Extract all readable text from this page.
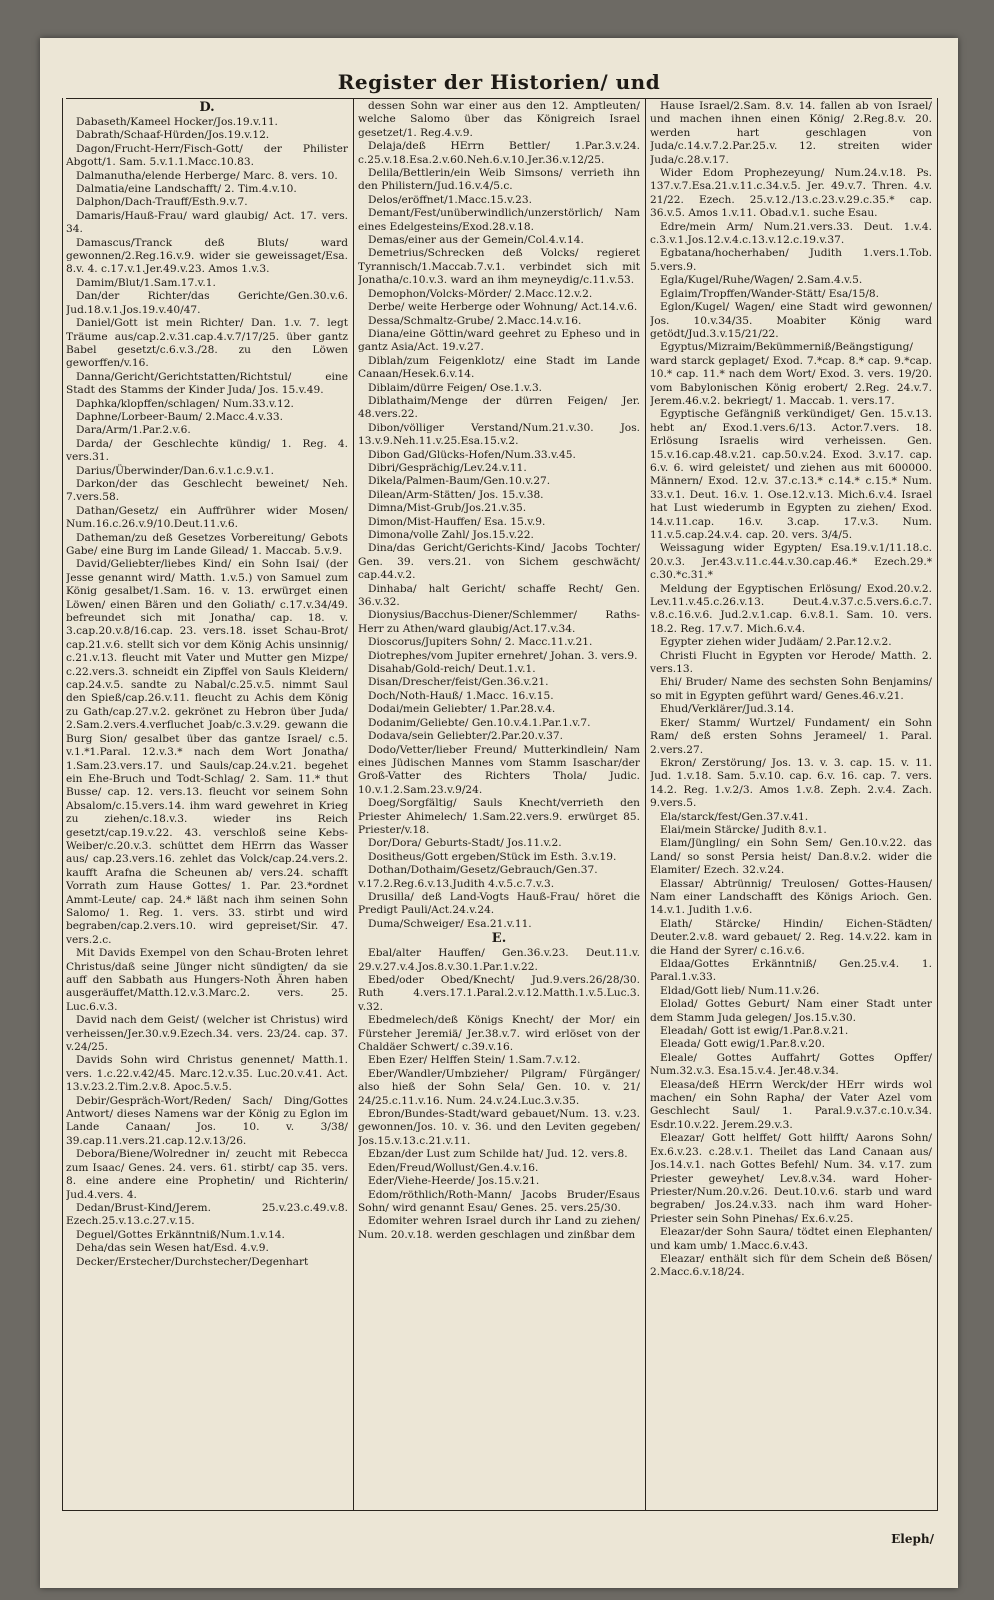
Register der Historien/ und

D.

Dabaseth/Kameel Hocker/Jos.19.v.11.

Dabrath/Schaaf-Hürden/Jos.19.v.12.

Dagon/Frucht-Herr/Fisch-Gott/ der Philister Abgott/1. Sam. 5.v.1.1.Macc.10.83.

Dalmanutha/elende Herberge/ Marc. 8. vers. 10.

Dalmatia/eine Landschafft/ 2. Tim.4.v.10.

Dalphon/Dach-Trauff/Esth.9.v.7.

Damaris/Hauß-Frau/ ward glaubig/ Act. 17. vers. 34.

Damascus/Tranck deß Bluts/ ward gewonnen/2.Reg.16.v.9. wider sie geweissaget/Esa. 8.v. 4. c.17.v.1.Jer.49.v.23. Amos 1.v.3.

Damim/Blut/1.Sam.17.v.1.

Dan/der Richter/das Gerichte/Gen.30.v.6. Jud.18.v.1.Jos.19.v.40/47.

Daniel/Gott ist mein Richter/ Dan. 1.v. 7. legt Träume aus/cap.2.v.31.cap.4.v.7/17/25. über gantz Babel gesetzt/c.6.v.3./28. zu den Löwen geworffen/v.16.

Danna/Gericht/Gerichtstatten/Richtstul/ eine Stadt des Stamms der Kinder Juda/ Jos. 15.v.49.

Daphka/klopffen/schlagen/ Num.33.v.12.

Daphne/Lorbeer-Baum/ 2.Macc.4.v.33.

Dara/Arm/1.Par.2.v.6.

Darda/ der Geschlechte kündig/ 1. Reg. 4. vers.31.

Darius/Überwinder/Dan.6.v.1.c.9.v.1.

Darkon/der das Geschlecht beweinet/ Neh. 7.vers.58.

Dathan/Gesetz/ ein Auffrührer wider Mosen/ Num.16.c.26.v.9/10.Deut.11.v.6.

Datheman/zu deß Gesetzes Vorbereitung/ Gebots Gabe/ eine Burg im Lande Gilead/ 1. Maccab. 5.v.9.

David/Geliebter/liebes Kind/ ein Sohn Isai/ (der Jesse genannt wird/ Matth. 1.v.5.) von Samuel zum König gesalbet/1.Sam. 16. v. 13. erwürget einen Löwen/ einen Bären und den Goliath/ c.17.v.34/49. befreundet sich mit Jonatha/ cap. 18. v. 3.cap.20.v.8/16.cap. 23. vers.18. isset Schau-Brot/ cap.21.v.6. stellt sich vor dem König Achis unsinnig/ c.21.v.13. fleucht mit Vater und Mutter gen Mizpe/ c.22.vers.3. schneidt ein Zipffel von Sauls Kleidern/ cap.24.v.5. sandte zu Nabal/c.25.v.5. nimmt Saul den Spieß/cap.26.v.11. fleucht zu Achis dem König zu Gath/cap.27.v.2. gekrönet zu Hebron über Juda/ 2.Sam.2.vers.4.verfluchet Joab/c.3.v.29. gewann die Burg Sion/ gesalbet über das gantze Israel/ c.5. v.1.*1.Paral. 12.v.3.* nach dem Wort Jonatha/ 1.Sam.23.vers.17. und Sauls/cap.24.v.21. begehet ein Ehe-Bruch und Todt-Schlag/ 2. Sam. 11.* thut Busse/ cap. 12. vers.13. fleucht vor seinem Sohn Absalom/c.15.vers.14. ihm ward gewehret in Krieg zu ziehen/c.18.v.3. wieder ins Reich gesetzt/cap.19.v.22. 43. verschloß seine Kebs-Weiber/c.20.v.3. schüttet dem HErrn das Wasser aus/ cap.23.vers.16. zehlet das Volck/cap.24.vers.2. kaufft Arafna die Scheunen ab/ vers.24. schafft Vorrath zum Hause Gottes/ 1. Par. 23.*ordnet Ammt-Leute/ cap. 24.* läßt nach ihm seinen Sohn Salomo/ 1. Reg. 1. vers. 33. stirbt und wird begraben/cap.2.vers.10. wird gepreiset/Sir. 47. vers.2.c.

Mit Davids Exempel von den Schau-Broten lehret Christus/daß seine Jünger nicht sündigten/ da sie auff den Sabbath aus Hungers-Noth Ähren haben ausgeräuffet/Matth.12.v.3.Marc.2. vers. 25. Luc.6.v.3.

David nach dem Geist/ (welcher ist Christus) wird verheissen/Jer.30.v.9.Ezech.34. vers. 23/24. cap. 37. v.24/25.

Davids Sohn wird Christus genennet/ Matth.1. vers. 1.c.22.v.42/45. Marc.12.v.35. Luc.20.v.41. Act. 13.v.23.2.Tim.2.v.8. Apoc.5.v.5.

Debir/Gespräch-Wort/Reden/ Sach/ Ding/Gottes Antwort/ dieses Namens war der König zu Eglon im Lande Canaan/ Jos. 10. v. 3/38/ 39.cap.11.vers.21.cap.12.v.13/26.

Debora/Biene/Wolredner in/ zeucht mit Rebecca zum Isaac/ Genes. 24. vers. 61. stirbt/ cap 35. vers. 8. eine andere eine Prophetin/ und Richterin/ Jud.4.vers. 4.

Dedan/Brust-Kind/Jerem. 25.v.23.c.49.v.8. Ezech.25.v.13.c.27.v.15.

Deguel/Gottes Erkänntniß/Num.1.v.14.

Deha/das sein Wesen hat/Esd. 4.v.9.

Decker/Erstecher/Durchstecher/Degenhart

dessen Sohn war einer aus den 12. Amptleuten/ welche Salomo über das Königreich Israel gesetzet/1. Reg.4.v.9.

Delaja/deß HErrn Bettler/ 1.Par.3.v.24. c.25.v.18.Esa.2.v.60.Neh.6.v.10.Jer.36.v.12/25.

Delila/Bettlerin/ein Weib Simsons/ verrieth ihn den Philistern/Jud.16.v.4/5.c.

Delos/eröffnet/1.Macc.15.v.23.

Demant/Fest/unüberwindlich/unzerstörlich/ Nam eines Edelgesteins/Exod.28.v.18.

Demas/einer aus der Gemein/Col.4.v.14.

Demetrius/Schrecken deß Volcks/ regieret Tyrannisch/1.Maccab.7.v.1. verbindet sich mit Jonatha/c.10.v.3. ward an ihm meyneydig/c.11.v.53.

Demophon/Volcks-Mörder/ 2.Macc.12.v.2.

Derbe/ weite Herberge oder Wohnung/ Act.14.v.6.

Dessa/Schmaltz-Grube/ 2.Macc.14.v.16.

Diana/eine Göttin/ward geehret zu Epheso und in gantz Asia/Act. 19.v.27.

Diblah/zum Feigenklotz/ eine Stadt im Lande Canaan/Hesek.6.v.14.

Diblaim/dürre Feigen/ Ose.1.v.3.

Diblathaim/Menge der dürren Feigen/ Jer. 48.vers.22.

Dibon/völliger Verstand/Num.21.v.30. Jos. 13.v.9.Neh.11.v.25.Esa.15.v.2.

Dibon Gad/Glücks-Hofen/Num.33.v.45.

Dibri/Gesprächig/Lev.24.v.11.

Dikela/Palmen-Baum/Gen.10.v.27.

Dilean/Arm-Stätten/ Jos. 15.v.38.

Dimna/Mist-Grub/Jos.21.v.35.

Dimon/Mist-Hauffen/ Esa. 15.v.9.

Dimona/volle Zahl/ Jos.15.v.22.

Dina/das Gericht/Gerichts-Kind/ Jacobs Tochter/ Gen. 39. vers.21. von Sichem geschwächt/ cap.44.v.2.

Dinhaba/ halt Gericht/ schaffe Recht/ Gen. 36.v.32.

Dionysius/Bacchus-Diener/Schlemmer/ Raths-Herr zu Athen/ward glaubig/Act.17.v.34.

Dioscorus/Jupiters Sohn/ 2. Macc.11.v.21.

Diotrephes/vom Jupiter ernehret/ Johan. 3. vers.9.

Disahab/Gold-reich/ Deut.1.v.1.

Disan/Drescher/feist/Gen.36.v.21.

Doch/Noth-Hauß/ 1.Macc. 16.v.15.

Dodai/mein Geliebter/ 1.Par.28.v.4.

Dodanim/Geliebte/ Gen.10.v.4.1.Par.1.v.7.

Dodava/sein Geliebter/2.Par.20.v.37.

Dodo/Vetter/lieber Freund/ Mutterkindlein/ Nam eines Jüdischen Mannes vom Stamm Isaschar/der Groß-Vatter des Richters Thola/ Judic. 10.v.1.2.Sam.23.v.9/24.

Doeg/Sorgfältig/ Sauls Knecht/verrieth den Priester Ahimelech/ 1.Sam.22.vers.9. erwürget 85. Priester/v.18.

Dor/Dora/ Geburts-Stadt/ Jos.11.v.2.

Dositheus/Gott ergeben/Stück im Esth. 3.v.19.

Dothan/Dothaim/Gesetz/Gebrauch/Gen.37. v.17.2.Reg.6.v.13.Judith 4.v.5.c.7.v.3.

Drusilla/ deß Land-Vogts Hauß-Frau/ höret die Predigt Pauli/Act.24.v.24.

Duma/Schweiger/ Esa.21.v.11.

E.

Ebal/alter Hauffen/ Gen.36.v.23. Deut.11.v. 29.v.27.v.4.Jos.8.v.30.1.Par.1.v.22.

Ebed/oder Obed/Knecht/ Jud.9.vers.26/28/30. Ruth 4.vers.17.1.Paral.2.v.12.Matth.1.v.5.Luc.3. v.32.

Ebedmelech/deß Königs Knecht/ der Mor/ ein Fürsteher Jeremiä/ Jer.38.v.7. wird erlöset von der Chaldäer Schwert/ c.39.v.16.

Eben Ezer/ Helffen Stein/ 1.Sam.7.v.12.

Eber/Wandler/Umbzieher/ Pilgram/ Fürgänger/ also hieß der Sohn Sela/ Gen. 10. v. 21/ 24/25.c.11.v.16. Num. 24.v.24.Luc.3.v.35.

Ebron/Bundes-Stadt/ward gebauet/Num. 13. v.23. gewonnen/Jos. 10. v. 36. und den Leviten gegeben/ Jos.15.v.13.c.21.v.11.

Ebzan/der Lust zum Schilde hat/ Jud. 12. vers.8.

Eden/Freud/Wollust/Gen.4.v.16.

Eder/Viehe-Heerde/ Jos.15.v.21.

Edom/röthlich/Roth-Mann/ Jacobs Bruder/Esaus Sohn/ wird genannt Esau/ Genes. 25. vers.25/30.

Edomiter wehren Israel durch ihr Land zu ziehen/ Num. 20.v.18. werden geschlagen und zinßbar dem

Hause Israel/2.Sam. 8.v. 14. fallen ab von Israel/ und machen ihnen einen König/ 2.Reg.8.v. 20. werden hart geschlagen von Juda/c.14.v.7.2.Par.25.v. 12. streiten wider Juda/c.28.v.17.

Wider Edom Prophezeyung/ Num.24.v.18. Ps. 137.v.7.Esa.21.v.11.c.34.v.5. Jer. 49.v.7. Thren. 4.v. 21/22. Ezech. 25.v.12./13.c.23.v.29.c.35.* cap. 36.v.5. Amos 1.v.11. Obad.v.1. suche Esau.

Edre/mein Arm/ Num.21.vers.33. Deut. 1.v.4. c.3.v.1.Jos.12.v.4.c.13.v.12.c.19.v.37.

Egbatana/hocherhaben/ Judith 1.vers.1.Tob. 5.vers.9.

Egla/Kugel/Ruhe/Wagen/ 2.Sam.4.v.5.

Eglaim/Tropffen/Wander-Stätt/ Esa/15/8.

Eglon/Kugel/ Wagen/ eine Stadt wird gewonnen/ Jos. 10.v.34/35. Moabiter König ward getödt/Jud.3.v.15/21/22.

Egyptus/Mizraim/Bekümmerniß/Beängstigung/ ward starck geplaget/ Exod. 7.*cap. 8.* cap. 9.*cap. 10.* cap. 11.* nach dem Wort/ Exod. 3. vers. 19/20. vom Babylonischen König erobert/ 2.Reg. 24.v.7. Jerem.46.v.2. bekriegt/ 1. Maccab. 1. vers.17.

Egyptische Gefängniß verkündiget/ Gen. 15.v.13. hebt an/ Exod.1.vers.6/13. Actor.7.vers. 18. Erlösung Israelis wird verheissen. Gen. 15.v.16.cap.48.v.21. cap.50.v.24. Exod. 3.v.17. cap. 6.v. 6. wird geleistet/ und ziehen aus mit 600000. Männern/ Exod. 12.v. 37.c.13.* c.14.* c.15.* Num. 33.v.1. Deut. 16.v. 1. Ose.12.v.13. Mich.6.v.4. Israel hat Lust wiederumb in Egypten zu ziehen/ Exod. 14.v.11.cap. 16.v. 3.cap. 17.v.3. Num. 11.v.5.cap.24.v.4. cap. 20. vers. 3/4/5.

Weissagung wider Egypten/ Esa.19.v.1/11.18.c. 20.v.3. Jer.43.v.11.c.44.v.30.cap.46.* Ezech.29.* c.30.*c.31.*

Meldung der Egyptischen Erlösung/ Exod.20.v.2. Lev.11.v.45.c.26.v.13. Deut.4.v.37.c.5.vers.6.c.7. v.8.c.16.v.6. Jud.2.v.1.cap. 6.v.8.1. Sam. 10. vers. 18.2. Reg. 17.v.7. Mich.6.v.4.

Egypter ziehen wider Judäam/ 2.Par.12.v.2.

Christi Flucht in Egypten vor Herode/ Matth. 2. vers.13.

Ehi/ Bruder/ Name des sechsten Sohn Benjamins/ so mit in Egypten geführt ward/ Genes.46.v.21.

Ehud/Verklärer/Jud.3.14.

Eker/ Stamm/ Wurtzel/ Fundament/ ein Sohn Ram/ deß ersten Sohns Jerameel/ 1. Paral. 2.vers.27.

Ekron/ Zerstörung/ Jos. 13. v. 3. cap. 15. v. 11. Jud. 1.v.18. Sam. 5.v.10. cap. 6.v. 16. cap. 7. vers. 14.2. Reg. 1.v.2/3. Amos 1.v.8. Zeph. 2.v.4. Zach. 9.vers.5.

Ela/starck/fest/Gen.37.v.41.

Elai/mein Stärcke/ Judith 8.v.1.

Elam/Jüngling/ ein Sohn Sem/ Gen.10.v.22. das Land/ so sonst Persia heist/ Dan.8.v.2. wider die Elamiter/ Ezech. 32.v.24.

Elassar/ Abtrünnig/ Treulosen/ Gottes-Hausen/ Nam einer Landschafft des Königs Arioch. Gen. 14.v.1. Judith 1.v.6.

Elath/ Stärcke/ Hindin/ Eichen-Städten/ Deuter.2.v.8. ward gebauet/ 2. Reg. 14.v.22. kam in die Hand der Syrer/ c.16.v.6.

Eldaa/Gottes Erkänntniß/ Gen.25.v.4. 1. Paral.1.v.33.

Eldad/Gott lieb/ Num.11.v.26.

Elolad/ Gottes Geburt/ Nam einer Stadt unter dem Stamm Juda gelegen/ Jos.15.v.30.

Eleadah/ Gott ist ewig/1.Par.8.v.21.

Eleada/ Gott ewig/1.Par.8.v.20.

Eleale/ Gottes Auffahrt/ Gottes Opffer/ Num.32.v.3. Esa.15.v.4. Jer.48.v.34.

Eleasa/deß HErrn Werck/der HErr wirds wol machen/ ein Sohn Rapha/ der Vater Azel vom Geschlecht Saul/ 1. Paral.9.v.37.c.10.v.34. Esdr.10.v.22. Jerem.29.v.3.

Eleazar/ Gott helffet/ Gott hilfft/ Aarons Sohn/ Ex.6.v.23. c.28.v.1. Theilet das Land Canaan aus/ Jos.14.v.1. nach Gottes Befehl/ Num. 34. v.17. zum Priester geweyhet/ Lev.8.v.34. ward Hoher-Priester/Num.20.v.26. Deut.10.v.6. starb und ward begraben/ Jos.24.v.33. nach ihm ward Hoher-Priester sein Sohn Pinehas/ Ex.6.v.25.

Eleazar/der Sohn Saura/ tödtet einen Elephanten/ und kam umb/ 1.Macc.6.v.43.

Eleazar/ enthält sich für dem Schein deß Bösen/ 2.Macc.6.v.18/24.

Eleph/
